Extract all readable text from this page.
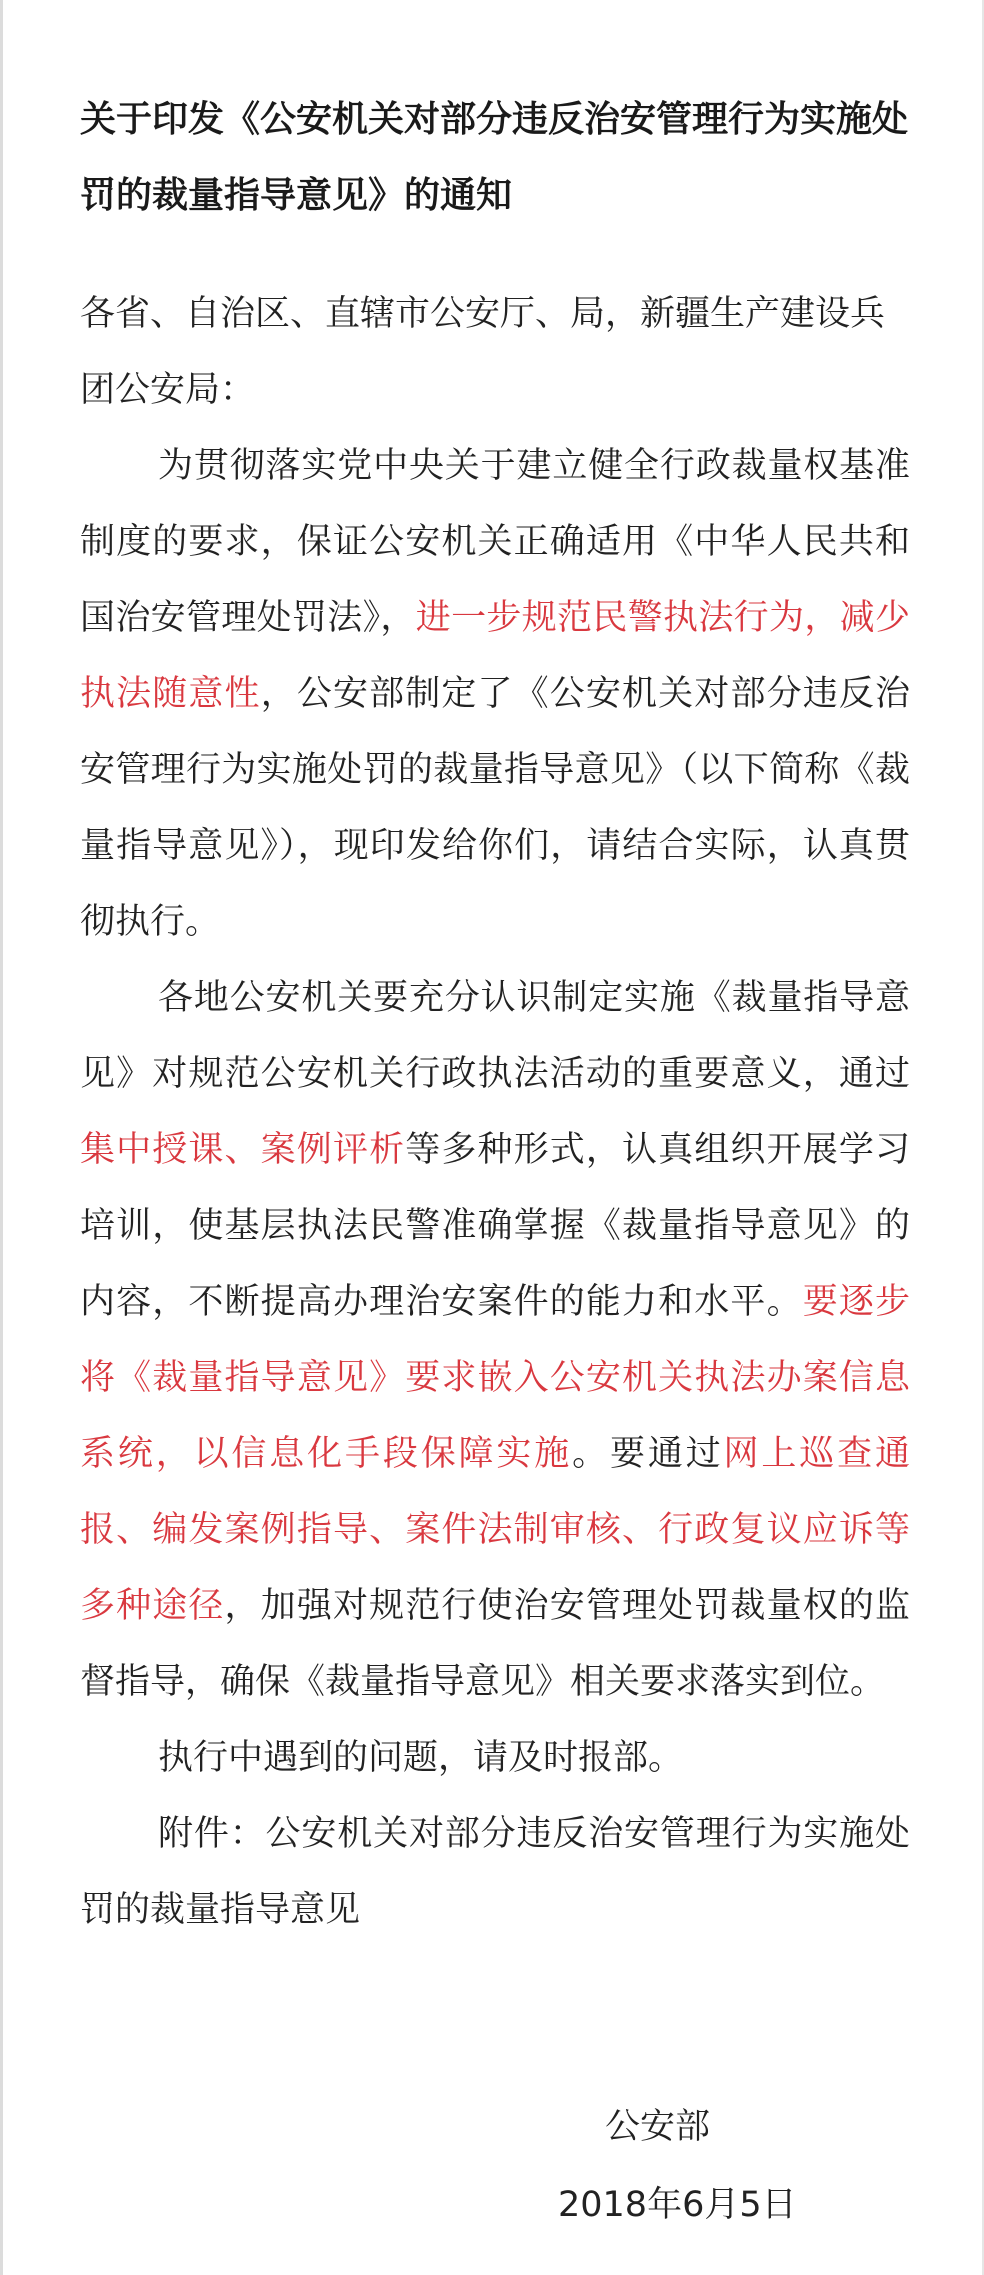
关于印发《公安机关对部分违反治安管理行为实施处罚的裁量指导意见》的通知

各省、自治区、直辖市公安厅、局，新疆生产建设兵团公安局：

为贯彻落实党中央关于建立健全行政裁量权基准制度的要求，保证公安机关正确适用《中华人民共和国治安管理处罚法》，进一步规范民警执法行为，减少执法随意性，公安部制定了《公安机关对部分违反治安管理行为实施处罚的裁量指导意见》（以下简称《裁量指导意见》），现印发给你们，请结合实际，认真贯彻执行。

各地公安机关要充分认识制定实施《裁量指导意见》对规范公安机关行政执法活动的重要意义，通过集中授课、案例评析等多种形式，认真组织开展学习培训，使基层执法民警准确掌握《裁量指导意见》的内容，不断提高办理治安案件的能力和水平。要逐步将《裁量指导意见》要求嵌入公安机关执法办案信息系统，以信息化手段保障实施。要通过网上巡查通报、编发案例指导、案件法制审核、行政复议应诉等多种途径，加强对规范行使治安管理处罚裁量权的监督指导，确保《裁量指导意见》相关要求落实到位。

执行中遇到的问题，请及时报部。

附件：公安机关对部分违反治安管理行为实施处罚的裁量指导意见

公安部
2018年6月5日
